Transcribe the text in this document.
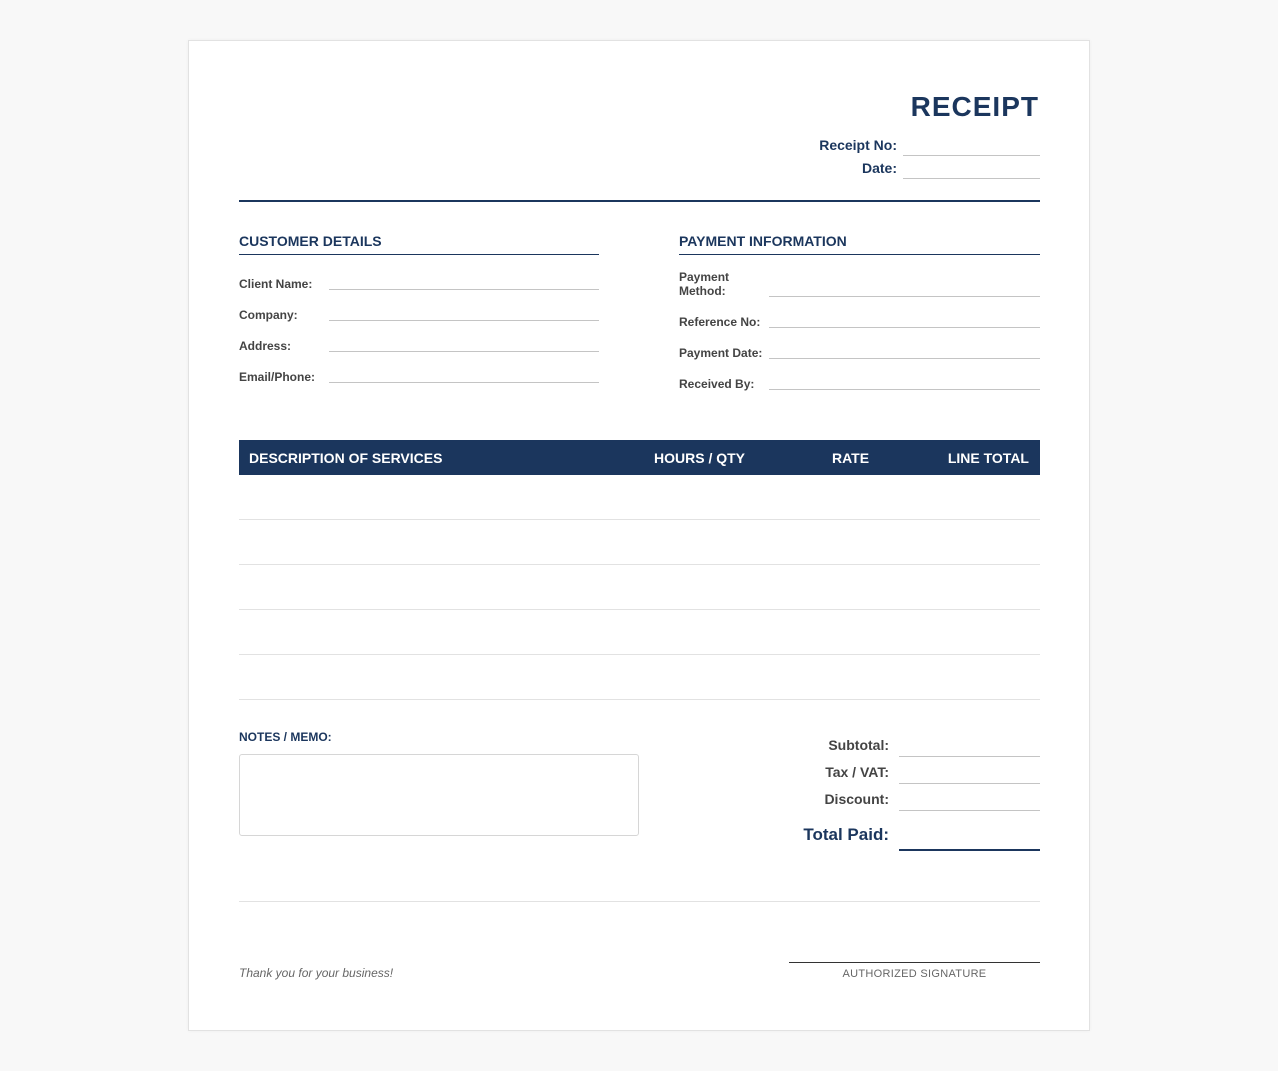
RECEIPT
Receipt No:
Date:
CUSTOMER DETAILS
Client Name:
Company:
Address:
Email/Phone:
PAYMENT INFORMATION
Payment
Method:
Reference No:
Payment Date:
Received By:
DESCRIPTION OF SERVICES	HOURS / QTY	RATE	LINE TOTAL
NOTES / MEMO:	Subtotal:
Tax / VAT:
Discount:
Total Paid:
Thank you for your business!	AUTHORIZED SIGNATURE
